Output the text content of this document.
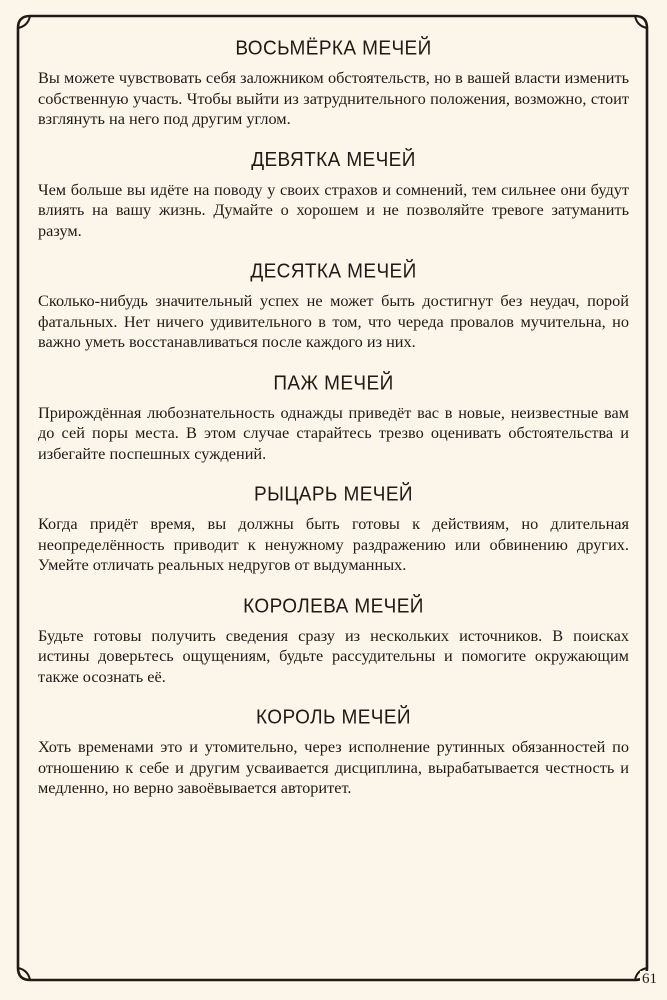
ВОСЬМЁРКА МЕЧЕЙ

Вы можете чувствовать себя заложником обстоятельств, но в вашей власти изменить собственную участь. Чтобы выйти из затруднительного положения, возможно, стоит взглянуть на него под другим углом.

ДЕВЯТКА МЕЧЕЙ

Чем больше вы идёте на поводу у своих страхов и сомнений, тем сильнее они будут влиять на вашу жизнь. Думайте о хорошем и не позволяйте тревоге затуманить разум.

ДЕСЯТКА МЕЧЕЙ

Сколько-нибудь значительный успех не может быть достигнут без неудач, порой фатальных. Нет ничего удивительного в том, что череда провалов мучительна, но важно уметь восстанавливаться после каждого из них.

ПАЖ МЕЧЕЙ

Прирождённая любознательность однажды приведёт вас в новые, неизвестные вам до сей поры места. В этом случае старайтесь трезво оценивать обстоятельства и избегайте поспешных суждений.

РЫЦАРЬ МЕЧЕЙ

Когда придёт время, вы должны быть готовы к действиям, но длительная неопределённость приводит к ненужному раздражению или обвинению других. Умейте отличать реальных недругов от выдуманных.

КОРОЛЕВА МЕЧЕЙ

Будьте готовы получить сведения сразу из нескольких источников. В поисках истины доверьтесь ощущениям, будьте рассудительны и помогите окружающим также осознать её.

КОРОЛЬ МЕЧЕЙ

Хоть временами это и утомительно, через исполнение рутинных обязанностей по отношению к себе и другим усваивается дисциплина, вырабатывается честность и медленно, но верно завоёвывается авторитет.

61
